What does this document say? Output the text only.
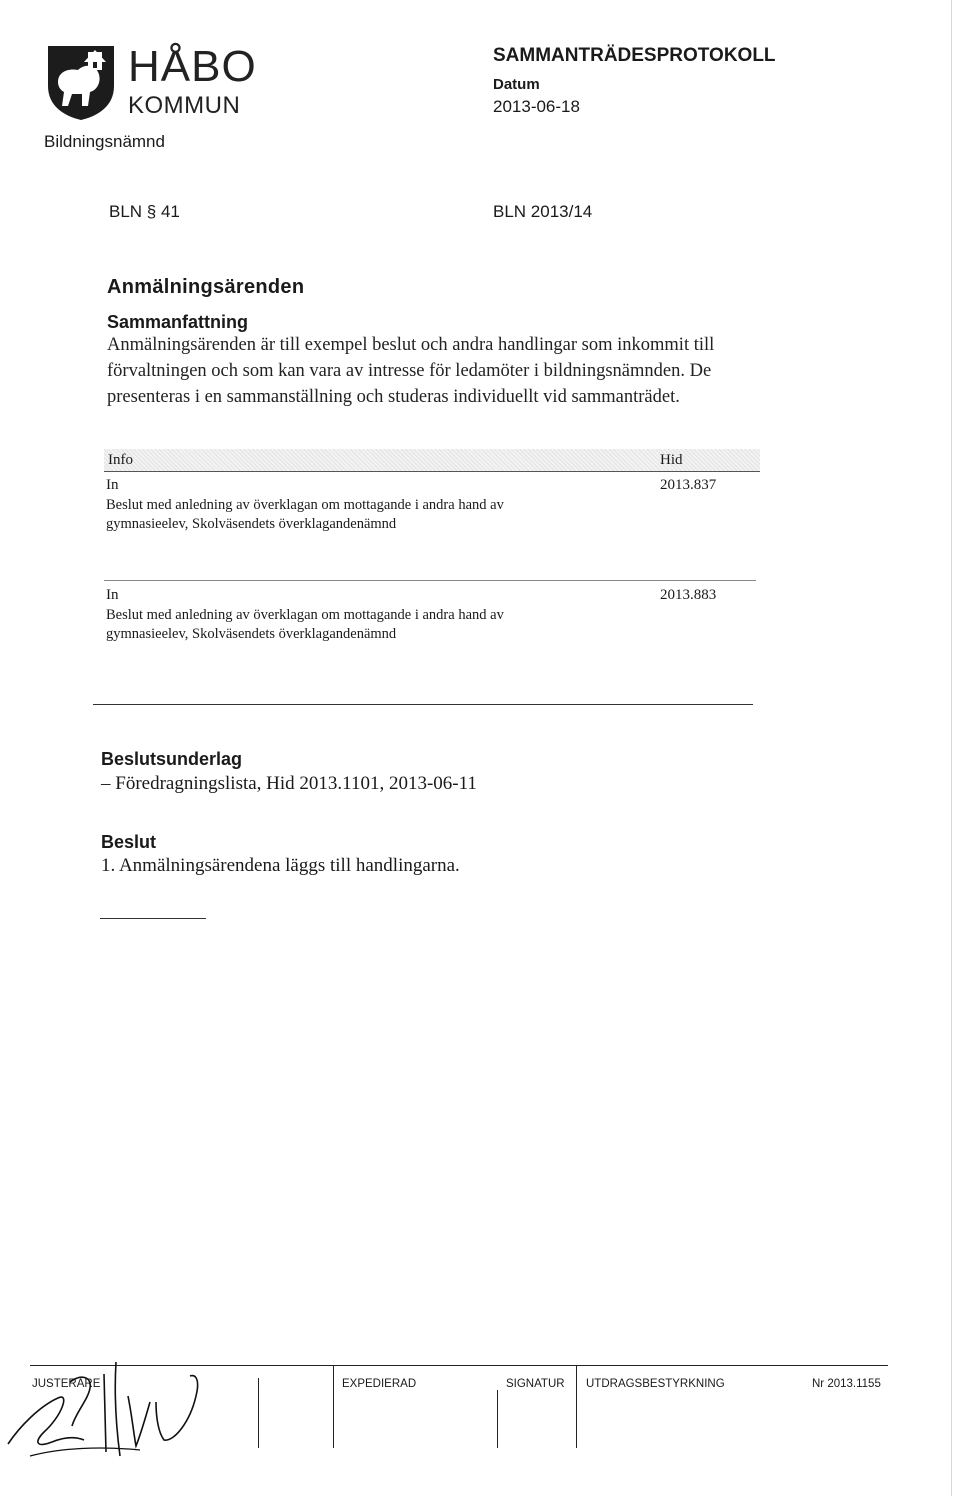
HÅBO
KOMMUN
Bildningsnämnd
SAMMANTRÄDESPROTOKOLL
Datum
2013-06-18
BLN § 41	BLN 2013/14
Anmälningsärenden
Sammanfattning
Anmälningsärenden är till exempel beslut och andra handlingar som inkommit till förvaltningen och som kan vara av intresse för ledamöter i bildningsnämnden. De presenteras i en sammanställning och studeras individuellt vid sammanträdet.
Info	Hid
In	2013.837
Beslut med anledning av överklagan om mottagande i andra hand av gymnasieelev, Skolväsendets överklagandenämnd
In	2013.883
Beslut med anledning av överklagan om mottagande i andra hand av gymnasieelev, Skolväsendets överklagandenämnd
Beslutsunderlag
– Föredragningslista, Hid 2013.1101, 2013-06-11
Beslut
1. Anmälningsärendena läggs till handlingarna.
JUSTERARE	EXPEDIERAD	SIGNATUR UTDRAGSBESTYRKNING	Nr 2013.1155
